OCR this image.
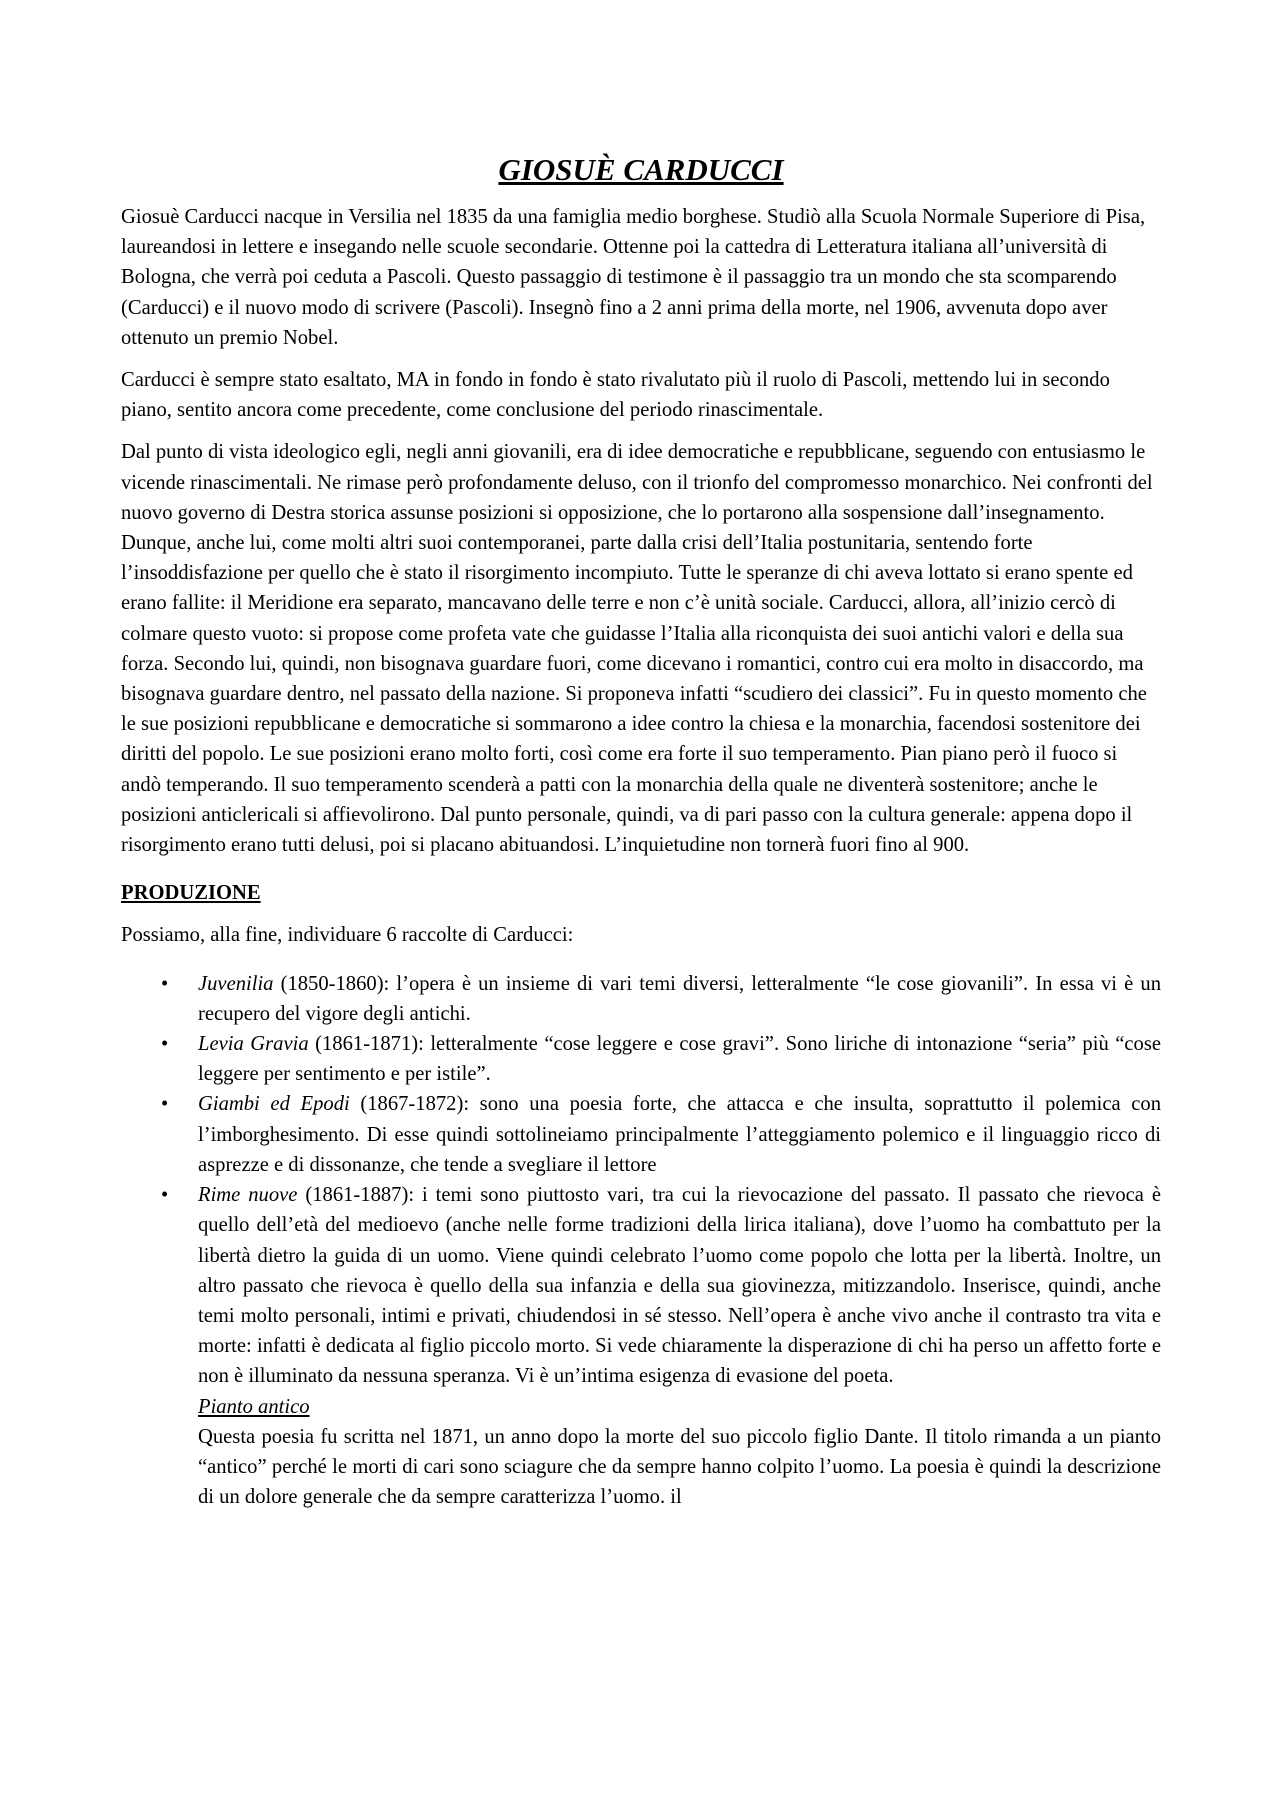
GIOSUÈ CARDUCCI

Giosuè Carducci nacque in Versilia nel 1835 da una famiglia medio borghese. Studiò alla Scuola Normale Superiore di Pisa, laureandosi in lettere e insegando nelle scuole secondarie. Ottenne poi la cattedra di Letteratura italiana all’università di Bologna, che verrà poi ceduta a Pascoli. Questo passaggio di testimone è il passaggio tra un mondo che sta scomparendo (Carducci) e il nuovo modo di scrivere (Pascoli). Insegnò fino a 2 anni prima della morte, nel 1906, avvenuta dopo aver ottenuto un premio Nobel.

Carducci è sempre stato esaltato, MA in fondo in fondo è stato rivalutato più il ruolo di Pascoli, mettendo lui in secondo piano, sentito ancora come precedente, come conclusione del periodo rinascimentale.

Dal punto di vista ideologico egli, negli anni giovanili, era di idee democratiche e repubblicane, seguendo con entusiasmo le vicende rinascimentali. Ne rimase però profondamente deluso, con il trionfo del compromesso monarchico. Nei confronti del nuovo governo di Destra storica assunse posizioni si opposizione, che lo portarono alla sospensione dall’insegnamento. Dunque, anche lui, come molti altri suoi contemporanei, parte dalla crisi dell’Italia postunitaria, sentendo forte l’insoddisfazione per quello che è stato il risorgimento incompiuto. Tutte le speranze di chi aveva lottato si erano spente ed erano fallite: il Meridione era separato, mancavano delle terre e non c’è unità sociale. Carducci, allora, all’inizio cercò di colmare questo vuoto: si propose come profeta vate che guidasse l’Italia alla riconquista dei suoi antichi valori e della sua forza. Secondo lui, quindi, non bisognava guardare fuori, come dicevano i romantici, contro cui era molto in disaccordo, ma bisognava guardare dentro, nel passato della nazione. Si proponeva infatti “scudiero dei classici”. Fu in questo momento che le sue posizioni repubblicane e democratiche si sommarono a idee contro la chiesa e la monarchia, facendosi sostenitore dei diritti del popolo. Le sue posizioni erano molto forti, così come era forte il suo temperamento. Pian piano però il fuoco si andò temperando. Il suo temperamento scenderà a patti con la monarchia della quale ne diventerà sostenitore; anche le posizioni anticlericali si affievolirono. Dal punto personale, quindi, va di pari passo con la cultura generale: appena dopo il risorgimento erano tutti delusi, poi si placano abituandosi. L’inquietudine non tornerà fuori fino al 900.

PRODUZIONE

Possiamo, alla fine, individuare 6 raccolte di Carducci:

• Juvenilia (1850-1860): l’opera è un insieme di vari temi diversi, letteralmente “le cose giovanili”. In essa vi è un recupero del vigore degli antichi.
• Levia Gravia (1861-1871): letteralmente “cose leggere e cose gravi”. Sono liriche di intonazione “seria” più “cose leggere per sentimento e per istile”.
• Giambi ed Epodi (1867-1872): sono una poesia forte, che attacca e che insulta, soprattutto il polemica con l’imborghesimento. Di esse quindi sottolineiamo principalmente l’atteggiamento polemico e il linguaggio ricco di asprezze e di dissonanze, che tende a svegliare il lettore
• Rime nuove (1861-1887): i temi sono piuttosto vari, tra cui la rievocazione del passato. Il passato che rievoca è quello dell’età del medioevo (anche nelle forme tradizioni della lirica italiana), dove l’uomo ha combattuto per la libertà dietro la guida di un uomo. Viene quindi celebrato l’uomo come popolo che lotta per la libertà. Inoltre, un altro passato che rievoca è quello della sua infanzia e della sua giovinezza, mitizzandolo. Inserisce, quindi, anche temi molto personali, intimi e privati, chiudendosi in sé stesso. Nell’opera è anche vivo anche il contrasto tra vita e morte: infatti è dedicata al figlio piccolo morto. Si vede chiaramente la disperazione di chi ha perso un affetto forte e non è illuminato da nessuna speranza. Vi è un’intima esigenza di evasione del poeta.
Pianto antico
Questa poesia fu scritta nel 1871, un anno dopo la morte del suo piccolo figlio Dante. Il titolo rimanda a un pianto “antico” perché le morti di cari sono sciagure che da sempre hanno colpito l’uomo. La poesia è quindi la descrizione di un dolore generale che da sempre caratterizza l’uomo. il
